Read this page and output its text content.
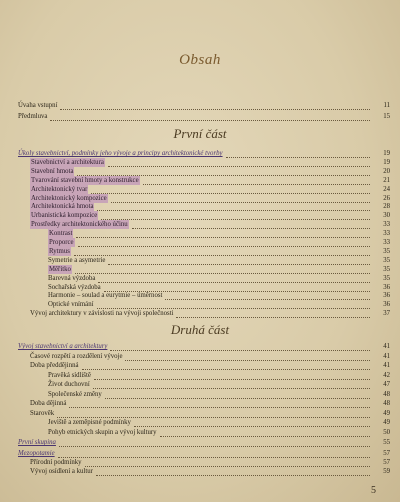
Obsah
První část
Druhá část
Úvaha vstupní	11
Předmluva	15
Úkoly stavebnictví, podmínky jeho vývoje a principy architektonické tvorby	19
Stavebnictví a architektura	19
Stavební hmota	20
Tvarování stavební hmoty a konstrukce	21
Architektonický tvar	24
Architektonický kompozice	26
Architektonická hmota	28
Urbanistická kompozice	30
Prostředky architektonického účinu	33
Kontrast	33
Proporce	33
Rytmus	35
Symetrie a asymetrie	35
Měřítko	35
Barevná výzdoba	35
Sochařská výzdoba	36
Harmonie – soulad a eurytmie – úměrnost	36
Optické vnímání	36
Vývoj architektury v závislosti na vývoji společnosti	37
Vývoj stavebnictví a architektury	41
Časové rozpětí a rozdělení vývoje	41
Doba předdějinná	41
Pravěká sídliště	42
Život duchovní	47
Společenské změny	48
Doba dějinná	48
Starověk	49
Jeviště a zeměpisné podmínky	49
Pohyb etnických skupin a vývoj kultury	50
První skupina	55
Mezopotamie	57
Přírodní podmínky	57
Vývoj osídlení a kultur	59
5
